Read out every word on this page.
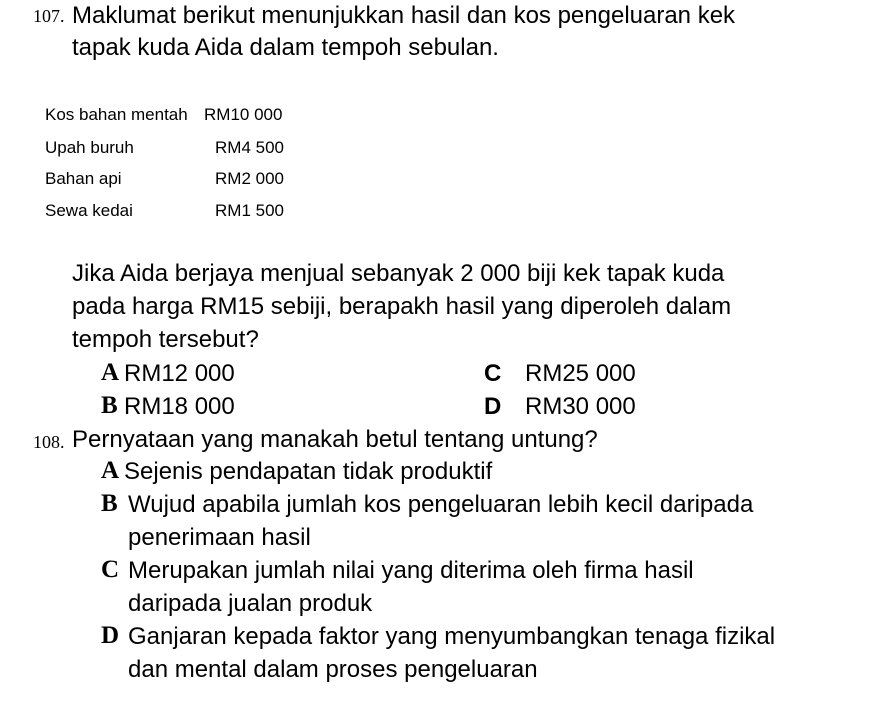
107. Maklumat berikut menunjukkan hasil dan kos pengeluaran kek
tapak kuda Aida dalam tempoh sebulan.
Kos bahan mentah RM10 000
Upah buruh	RM4 500
Bahan api	RM2 000
Sewa kedai	RM1 500
Jika Aida berjaya menjual sebanyak 2 000 biji kek tapak kuda
pada harga RM15 sebiji, berapakh hasil yang diperoleh dalam
tempoh tersebut?
A RM12 000
B RM18 000
C RM25 000
D RM30 000
108. Pernyataan yang manakah betul tentang untung?
A Sejenis pendapatan tidak produktif
B Wujud apabila jumlah kos pengeluaran lebih kecil daripada
penerimaan hasil
C Merupakan jumlah nilai yang diterima oleh firma hasil
daripada jualan produk
D Ganjaran kepada faktor yang menyumbangkan tenaga fizikal
dan mental dalam proses pengeluaran
